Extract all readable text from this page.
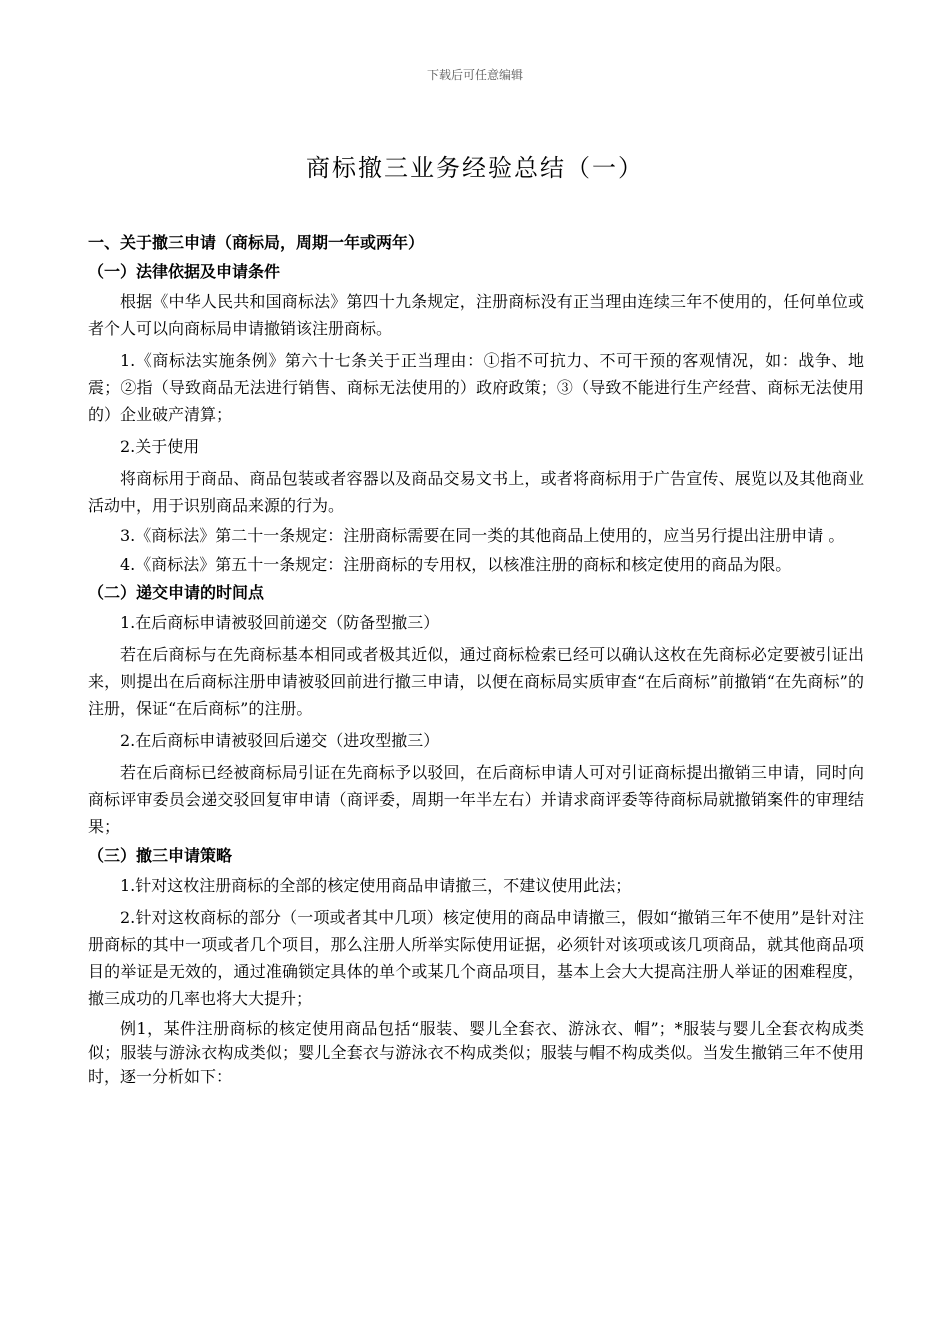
下载后可任意编辑
商标撤三业务经验总结（一）

一、关于撤三申请（商标局，周期一年或两年）

（一）法律依据及申请条件

根据《中华人民共和国商标法》第四十九条规定，注册商标没有正当理由连续三年不使用的，任何单位或者个人可以向商标局申请撤销该注册商标。

1.《商标法实施条例》第六十七条关于正当理由：①指不可抗力、不可干预的客观情况，如：战争、地震；②指（导致商品无法进行销售、商标无法使用的）政府政策；③（导致不能进行生产经营、商标无法使用的）企业破产清算；

2.关于使用

将商标用于商品、商品包装或者容器以及商品交易文书上，或者将商标用于广告宣传、展览以及其他商业活动中，用于识别商品来源的行为。

3.《商标法》第二十一条规定：注册商标需要在同一类的其他商品上使用的，应当另行提出注册申请 。

4.《商标法》第五十一条规定：注册商标的专用权，以核准注册的商标和核定使用的商品为限。

（二）递交申请的时间点

1.在后商标申请被驳回前递交（防备型撤三）

若在后商标与在先商标基本相同或者极其近似，通过商标检索已经可以确认这枚在先商标必定要被引证出来，则提出在后商标注册申请被驳回前进行撤三申请，以便在商标局实质审查“在后商标”前撤销“在先商标”的注册，保证“在后商标”的注册。

2.在后商标申请被驳回后递交（进攻型撤三）

若在后商标已经被商标局引证在先商标予以驳回，在后商标申请人可对引证商标提出撤销三申请，同时向商标评审委员会递交驳回复审申请（商评委，周期一年半左右）并请求商评委等待商标局就撤销案件的审理结果；

（三）撤三申请策略

1.针对这枚注册商标的全部的核定使用商品申请撤三，不建议使用此法；

2.针对这枚商标的部分（一项或者其中几项）核定使用的商品申请撤三，假如“撤销三年不使用”是针对注册商标的其中一项或者几个项目，那么注册人所举实际使用证据，必须针对该项或该几项商品，就其他商品项目的举证是无效的，通过准确锁定具体的单个或某几个商品项目，基本上会大大提高注册人举证的困难程度，撤三成功的几率也将大大提升；

例1，某件注册商标的核定使用商品包括“服装、婴儿全套衣、游泳衣、帽”；*服装与婴儿全套衣构成类似；服装与游泳衣构成类似；婴儿全套衣与游泳衣不构成类似；服装与帽不构成类似。当发生撤销三年不使用时，逐一分析如下：
